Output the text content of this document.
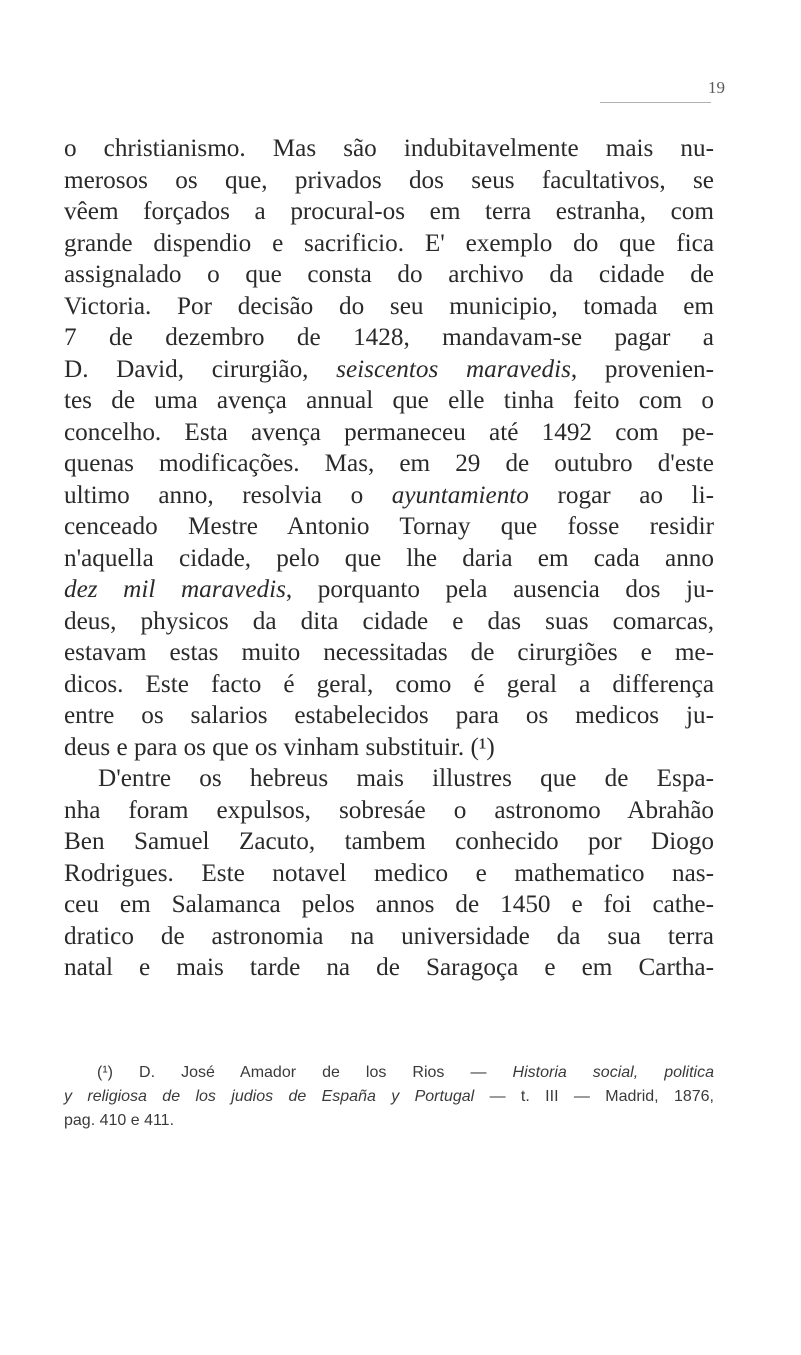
19
o christianismo. Mas são indubitavelmente mais nu-
merosos os que, privados dos seus facultativos, se
vêem forçados a procural-os em terra estranha, com
grande dispendio e sacrificio. E' exemplo do que fica
assignalado o que consta do archivo da cidade de
Victoria. Por decisão do seu municipio, tomada em
7 de dezembro de 1428, mandavam-se pagar a
D. David, cirurgião, seiscentos maravedis, provenien-
tes de uma avença annual que elle tinha feito com o
concelho. Esta avença permaneceu até 1492 com pe-
quenas modificações. Mas, em 29 de outubro d'este
ultimo anno, resolvia o ayuntamiento rogar ao li-
cenceado Mestre Antonio Tornay que fosse residir
n'aquella cidade, pelo que lhe daria em cada anno
dez mil maravedis, porquanto pela ausencia dos ju-
deus, physicos da dita cidade e das suas comarcas,
estavam estas muito necessitadas de cirurgiões e me-
dicos. Este facto é geral, como é geral a differença
entre os salarios estabelecidos para os medicos ju-
deus e para os que os vinham substituir. (¹)
D'entre os hebreus mais illustres que de Espa-
nha foram expulsos, sobresáe o astronomo Abrahão
Ben Samuel Zacuto, tambem conhecido por Diogo
Rodrigues. Este notavel medico e mathematico nas-
ceu em Salamanca pelos annos de 1450 e foi cathe-
dratico de astronomia na universidade da sua terra
natal e mais tarde na de Saragoça e em Cartha-
(¹) D. José Amador de los Rios — Historia social, politica
y religiosa de los judios de España y Portugal — t. III — Madrid, 1876,
pag. 410 e 411.
